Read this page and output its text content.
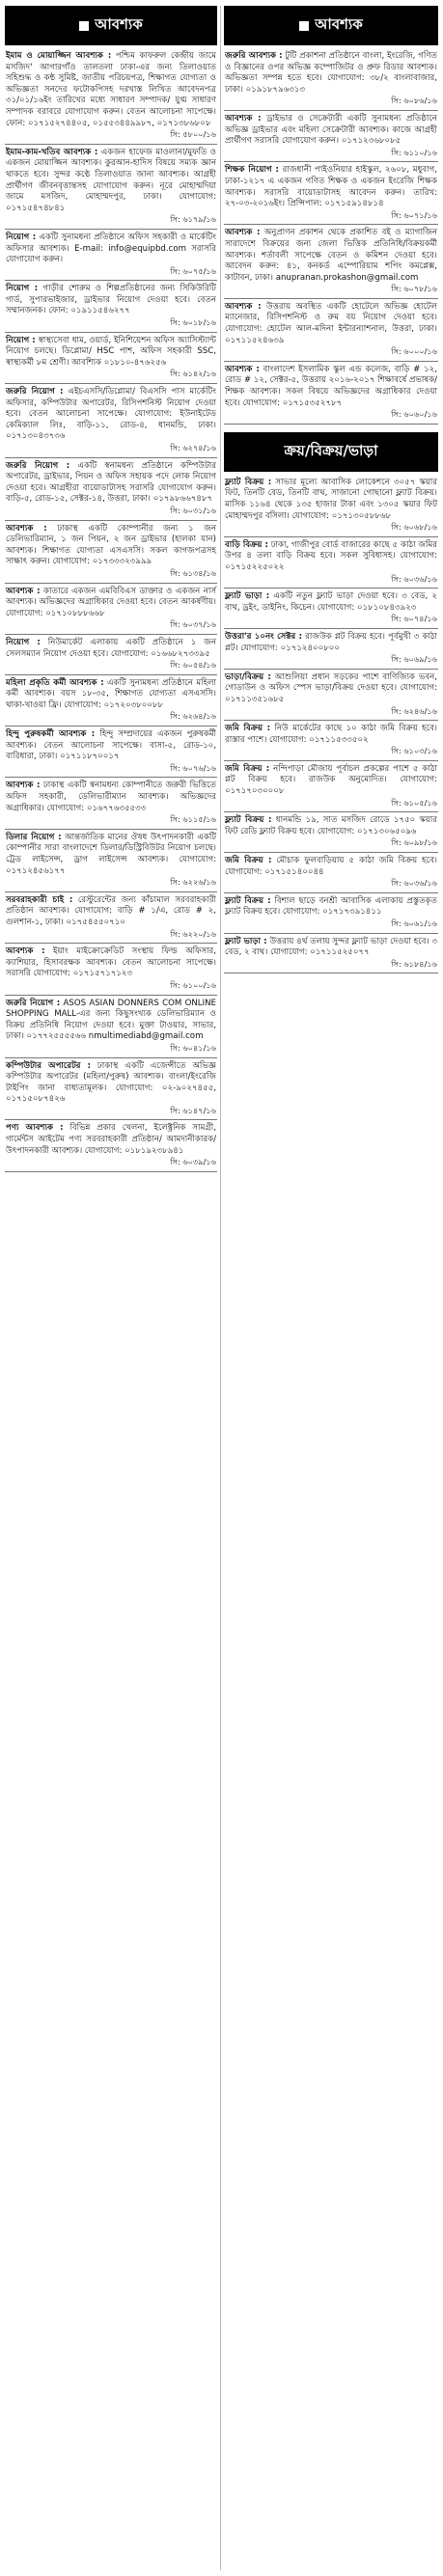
আবশ্যক
ইমাম ও মোয়াজ্জিন আবশ্যক : পশ্চিম কাফরুল কেন্দ্রীয় জামে মসজিদ' আগারগাঁও তালতলা ঢাকা-এর জন্য তিলাওয়াত সহিশুদ্ধ ও কন্ঠ সুমিষ্ট, জাতীয় পরিচয়পত্র, শিক্ষাগত যোগ্যতা ও অভিজ্ঞতা সনদের ফটোকপিসহ দরখাস্ত লিখিত আবেদনপত্র ৩১/০১/১৬ইং তারিখের মধ্যে সাধারণ সম্পাদক/ যুগ্ম সাধারণ সম্পাদক বরাবরে যোগাযোগ করুন। বেতন আলোচনা সাপেক্ষে। ফোন: ০১৭১৫২৭৪৪০৫, ০১৫৫৩৪৪৯৯৮৭, ০১৭১৩৮৬৮০৮
সি: ৫৮০০/১৬
ইমাম-কাম-খতিব আবশ্যক : একজন হাফেজ মাওলানা/মুফতি ও একজন মোয়াজ্জিন আবশ্যক। কুরআন-হাদিস বিষয়ে সম্যক জ্ঞান থাকতে হবে। সুন্দর কণ্ঠে তিলাওয়াত জানা আবশ্যক। আগ্রহী প্রার্থীগণ জীবনবৃত্তান্তসহ যোগাযোগ করুন। নূরে মোহাম্মদিয়া জামে মসজিদ, মোহাম্মদপুর, ঢাকা। যোগাযোগ: ০১৭১৫৪৭৪৮৪১
সি: ৬১৭৯/১৬
নিয়োগ : একটি সুনামধন্য প্রতিষ্ঠানে অফিস সহকারী ও মার্কেটিং অফিসার আবশ্যক। E-mail: info@equipbd.com সরাসরি যোগাযোগ করুন।
সি: ৬০৭৫/১৬
নিয়োগ : গাড়ীর শোরুম ও শিল্পপ্রতিষ্ঠানের জন্য সিকিউরিটি গার্ড, সুপারভাইজার, ড্রাইভার নিয়োগ দেওয়া হবে। বেতন সম্মানজনক। ফোন: ০১৯১১৫৪৬২৭৭
সি: ৬০১৮/১৬
নিয়োগ : স্বাস্থ্যসেবা ধাম, ওয়ার্ড, ইনিশিয়েশন অফিস অ্যাসিস্ট্যান্ট নিয়োগ চলছে। ডিপ্লোমা/ HSC পাশ, অফিস সহকারী SSC, স্বাস্থ্যকর্মী ৮ম শ্রেণী। আবশ্যিক ০১৮১০-৪৭৬২৫৬
সি: ৬১৪২/১৬
জরুরি নিয়োগ : এইচএসসি/ডিপ্লোমা/ বিএসসি পাস মার্কেটিং অফিসার, কম্পিউটার অপারেটর, রিসিপশনিস্ট নিয়োগ দেওয়া হবে। বেতন আলোচনা সাপেক্ষে। যোগাযোগ: ইউনাইটেড কেমিক্যাল লিঃ, বাড়ি-১১, রোড-৪, ধানমন্ডি, ঢাকা। ০১৭১৩০৪৩৭৩৬
সি: ৬২৭৪/১৬
জরুরি নিয়োগ : একটি স্বনামধন্য প্রতিষ্ঠানে কম্পিউটার অপারেটর, ড্রাইভার, পিয়ন ও অফিস সহায়ক পদে লোক নিয়োগ দেওয়া হবে। আগ্রহীরা বায়োডাটাসহ সরাসরি যোগাযোগ করুন। বাড়ি-৫, রোড-১৫, সেক্টর-১৪, উত্তরা, ঢাকা। ০১৭৯৮৬৬৭৪৮৭
সি: ৬০৩১/১৬
আবশ্যক : ঢাকাস্থ একটি কোম্পানীর জন্য ১ জন ডেলিভারিম্যান, ১ জন পিয়ন, ২ জন ড্রাইভার (হালকা যান) আবশ্যক। শিক্ষাগত যোগ্যতা এসএসসি। সকল কাগজপত্রসহ সাক্ষাৎ করুন। যোগাযোগ: ০১৭৩৩৩২৩৯৯৯
সি: ৬১৩৪/১৬
আবশ্যক : কাতারে একজন এমবিবিএস ডাক্তার ও একজন নার্স আবশ্যক। অভিজ্ঞদের অগ্রাধিকার দেওয়া হবে। বেতন আকর্ষণীয়। যোগাযোগ: ০১৭১০৮৮৮৬৬৮
সি: ৬০৩৭/১৬
নিয়োগ : নিউমার্কেট এলাকায় একটি প্রতিষ্ঠানে ১ জন সেলসম্যান নিয়োগ দেওয়া হবে। যোগাযোগ: ০১৬৬৮২৭৩৩৯৫
সি: ৬০৫৪/১৬
মহিলা প্রকৃতি কর্মী আবশ্যক : একটি সুনামধন্য প্রতিষ্ঠানে মহিলা কর্মী আবশ্যক। বয়স ১৮-৩৫, শিক্ষাগত যোগ্যতা এসএসসি। থাকা-খাওয়া ফ্রি। যোগাযোগ: ০১৭২০৩৮০০৮৮
সি: ৬২৬৪/১৬
হিন্দু পুরুষকর্মী আবশ্যক : হিন্দু সম্প্রদায়ের একজন পুরুষকর্মী আবশ্যক। বেতন আলোচনা সাপেক্ষে। বাসা-৫, রোড-১০, বারিধারা, ঢাকা। ০১৭১১৮৭০০১৭
সি: ৬০৭৬/১৬
আবশ্যক : ঢাকাস্থ একটি স্বনামধন্য কোম্পানীতে জরুরী ভিত্তিতে অফিস সহকারী, ডেলিভারীম্যান আবশ্যক। অভিজ্ঞদের অগ্রাধিকার। যোগাযোগ: ০১৬৭৭৬৩৫৫৩৩
সি: ৬১১৫/১৬
ডিলার নিয়োগ : আন্তর্জাতিক মানের ঔষধ উৎপাদনকারী একটি কোম্পানীর সারা বাংলাদেশে ডিলার/ডিস্ট্রিবিউটর নিয়োগ চলছে। ট্রেড লাইসেন্স, ড্রাগ লাইসেন্স আবশ্যক। যোগাযোগ: ০১৭১২৪৫৬১৭৭
সি: ৬২২৬/১৬
সরবরাহকারী চাই : রেস্টুরেন্টের জন্য কাঁচামাল সরবরাহকারী প্রতিষ্ঠান আবশ্যক। যোগাযোগ: বাড়ি # ১/এ, রোড # ২, গুলশান-১, ঢাকা। ০১৭৫৪৫৫০৭১০
সি: ৬২২০/১৬
আবশ্যক : ইয়াং মাইক্রোক্রেডিট সংস্থায় ফিল্ড অফিসার, ক্যাশিয়ার, হিসাবরক্ষক আবশ্যক। বেতন আলোচনা সাপেক্ষে। সরাসরি যোগাযোগ: ০১৭১৫৭১৭১২৩
সি: ৬১০০/১৬
জরুরি নিয়োগ : ASOS ASIAN DONNERS COM ONLINE SHOPPING MALL-এর জন্য কিছুসংখ্যক ডেলিভারিম্যান ও বিক্রয় প্রতিনিধি নিয়োগ দেওয়া হবে। মুক্তা টাওয়ার, সাভার, ঢাকা। ০১৭৭২৫৫৫৫৬৬ nmultimediabd@gmail.com
সি: ৬০৪১/১৬
কম্পিউটার অপারেটর : ঢাকাস্থ একটি এজেন্সীতে অভিজ্ঞ কম্পিউটার অপারেটর (মহিলা/পুরুষ) আবশ্যক। বাংলা/ইংরেজি টাইপিং জানা বাধ্যতামূলক। যোগাযোগ: ০২-৯০২৭৪৫৫, ০১৭১৫০৮৭৪২৬
সি: ৬১৪৭/১৬
পণ্য আবশ্যক : বিভিন্ন প্রকার খেলনা, ইলেক্ট্রনিক সামগ্রী, গার্মেন্টস আইটেম পণ্য সরবরাহকারী প্রতিষ্ঠান/ আমদানীকারক/ উৎপাদনকারী আবশ্যক। যোগাযোগ: ০১৮১৯২৩৮৯৪১
সি: ৬০৩৯/১৬
আবশ্যক
জরুরি আবশ্যক : টুটি প্রকাশনা প্রতিষ্ঠানে বাংলা, ইংরেজি, গণিত ও বিজ্ঞানের ওপর অভিজ্ঞ কম্পোজিটর ও প্রুফ রিডার আবশ্যক। অভিজ্ঞতা সম্পন্ন হতে হবে। যোগাযোগ: ৩৮/২ বাংলাবাজার, ঢাকা। ০১৯১৮৭৯৬৩১৩
সি: ৬০৮৬/১৬
আবশ্যক : ড্রাইভার ও সেক্রেটারী একটি সুনামধন্য প্রতিষ্ঠানে অভিজ্ঞ ড্রাইভার এবং মহিলা সেক্রেটারী আবশ্যক। কাজে আগ্রহী প্রার্থীগণ সরাসরি যোগাযোগ করুন। ০১৭১২৩৬৮০৮৫
সি: ৬১১০/১৬
শিক্ষক নিয়োগ : রাজধানী পাইওনিয়ার হাইস্কুল, ২৬০৮, মধুবাগ, ঢাকা-১২১৭ এ একজন গণিত শিক্ষক ও একজন ইংরেজি শিক্ষক আবশ্যক। সরাসরি বায়োডাটাসহ আবেদন করুন। তারিখ: ২৭-০৩-২০১৬ইং। প্রিন্সিপাল: ০১৭১৫৯১৪৮১৪
সি: ৬০৭১/১৬
আবশ্যক : অনুপ্রাণন প্রকাশন থেকে প্রকাশিত বই ও ম্যাগাজিন সারাদেশে বিক্রয়ের জন্য জেলা ভিত্তিক প্রতিনিধি/বিক্রয়কর্মী আবশ্যক। শর্তাবলী সাপেক্ষে বেতন ও কমিশন দেওয়া হবে। আবেদন করুন: ৪১, কনকর্ড এম্পোরিয়াম শপিং কমপ্লেক্স, কাটাবন, ঢাকা। anupranan.prokashon@gmail.com
সি: ৬০৭৮/১৬
আবশ্যক : উত্তরায় অবস্থিত একটি হোটেলে অভিজ্ঞ হোটেল ম্যানেজার, রিসিপশনিস্ট ও রুম বয় নিয়োগ দেওয়া হবে। যোগাযোগ: হোটেল আল-মদিনা ইন্টারন্যাশনাল, উত্তরা, ঢাকা। ০১৭১১৫২৪৬৩৯
সি: ৬০০০/১৬
আবশ্যক : বাংলাদেশ ইসলামিক স্কুল এন্ড কলেজ, বাড়ি # ১২, রোড # ১২, সেক্টর-৫, উত্তরায় ২০১৬-২০১৭ শিক্ষাবর্ষে প্রভাষক/শিক্ষক আবশ্যক। সকল বিষয়ে অভিজ্ঞদের অগ্রাধিকার দেওয়া হবে। যোগাযোগ: ০১৭১৫৩৫২৭৮৭
সি: ৬০৬০/১৬
ক্রয়/বিক্রয়/ভাড়া
ফ্ল্যাট বিক্রয় : সাভার মূল্যে আবাসিক লোকেশনে ৩০৫৭ স্কয়ার ফিট, তিনটি বেড, তিনটি বাথ, সাজানো গোছানো ফ্ল্যাট বিক্রয়। মাসিক ১১৬৪ থেকে ১৩৫ হাজার টাকা এবং ১৩০৫ স্কয়ার ফিট মোহাম্মদপুর বসিলা। যোগাযোগ: ০১৭১৩০৫৮৮৬৮
সি: ৬০৬৮/১৬
বাড়ি বিক্রয় : ঢাকা, গাজীপুর বোর্ড বাজারের কাছে ৫ কাঠা জমির উপর ৪ তলা বাড়ি বিক্রয় হবে। সকল সুবিধাসহ। যোগাযোগ: ০১৭১৫২২৫০২২
সি: ৬০৩৬/১৬
ফ্ল্যাট ভাড়া : একটি নতুন ফ্ল্যাট ভাড়া দেওয়া হবে। ৩ বেড, ২ বাথ, ড্রইং, ডাইনিং, কিচেন। যোগাযোগ: ০১৮১০৮৪৩৯২৩
সি: ৬০৭৪/১৬
উত্তরা'র ১০নং সেক্টর : রাজউক প্লট বিক্রয় হবে। পূর্বমুখী ৩ কাঠা প্লট। যোগাযোগ: ০১৭১২৪০০৮০০
সি: ৬০৬৯/১৬
ভাড়া/বিক্রয় : আশুলিয়া প্রধান সড়কের পাশে বাণিজ্যিক ভবন, গোডাউন ও অফিস স্পেস ভাড়া/বিক্রয় দেওয়া হবে। যোগাযোগ: ০১৭১১৩৫১৬৮৫
সি: ৬২৪৬/১৬
জমি বিক্রয় : নিউ মার্কেটের কাছে ১০ কাঠা জমি বিক্রয় হবে। রাস্তার পাশে। যোগাযোগ: ০১৭১১৫৩৩৫০২
সি: ৬১০৩/১৬
জমি বিক্রয় : নন্দিপাড়া মৌজায় পূর্বাচল প্রকল্পের পাশে ৫ কাঠা প্লট বিক্রয় হবে। রাজউক অনুমোদিত। যোগাযোগ: ০১৭১৭০৩০০০৮
সি: ৬১০৫/১৬
ফ্ল্যাট বিক্রয় : ধানমন্ডি ১৯, সাত মসজিদ রোডে ১৭৫০ স্কয়ার ফিট রেডি ফ্ল্যাট বিক্রয় হবে। যোগাযোগ: ০১৭১৩০৬৫০৯৬
সি: ৬০৯৮/১৬
জমি বিক্রয় : মৌচাক ফুলবাড়িয়ায় ৫ কাঠা জমি বিক্রয় হবে। যোগাযোগ: ০১৭১৫১৪০০৪৪
সি: ৬০৩৬/১৬
ফ্ল্যাট বিক্রয় : বিশাল ছাড়ে বনশ্রী আবাসিক এলাকায় প্রস্তুতকৃত ফ্ল্যাট বিক্রয় হবে। যোগাযোগ: ০১৭১৭৩৯১৪১১
সি: ৬০৬১/১৬
ফ্ল্যাট ভাড়া : উত্তরায় ৪র্থ তলায় সুন্দর ফ্ল্যাট ভাড়া দেওয়া হবে। ৩ বেড, ২ বাথ। যোগাযোগ: ০১৭১১৫২৫০৭৭
সি: ৬১৮৪/১৬
